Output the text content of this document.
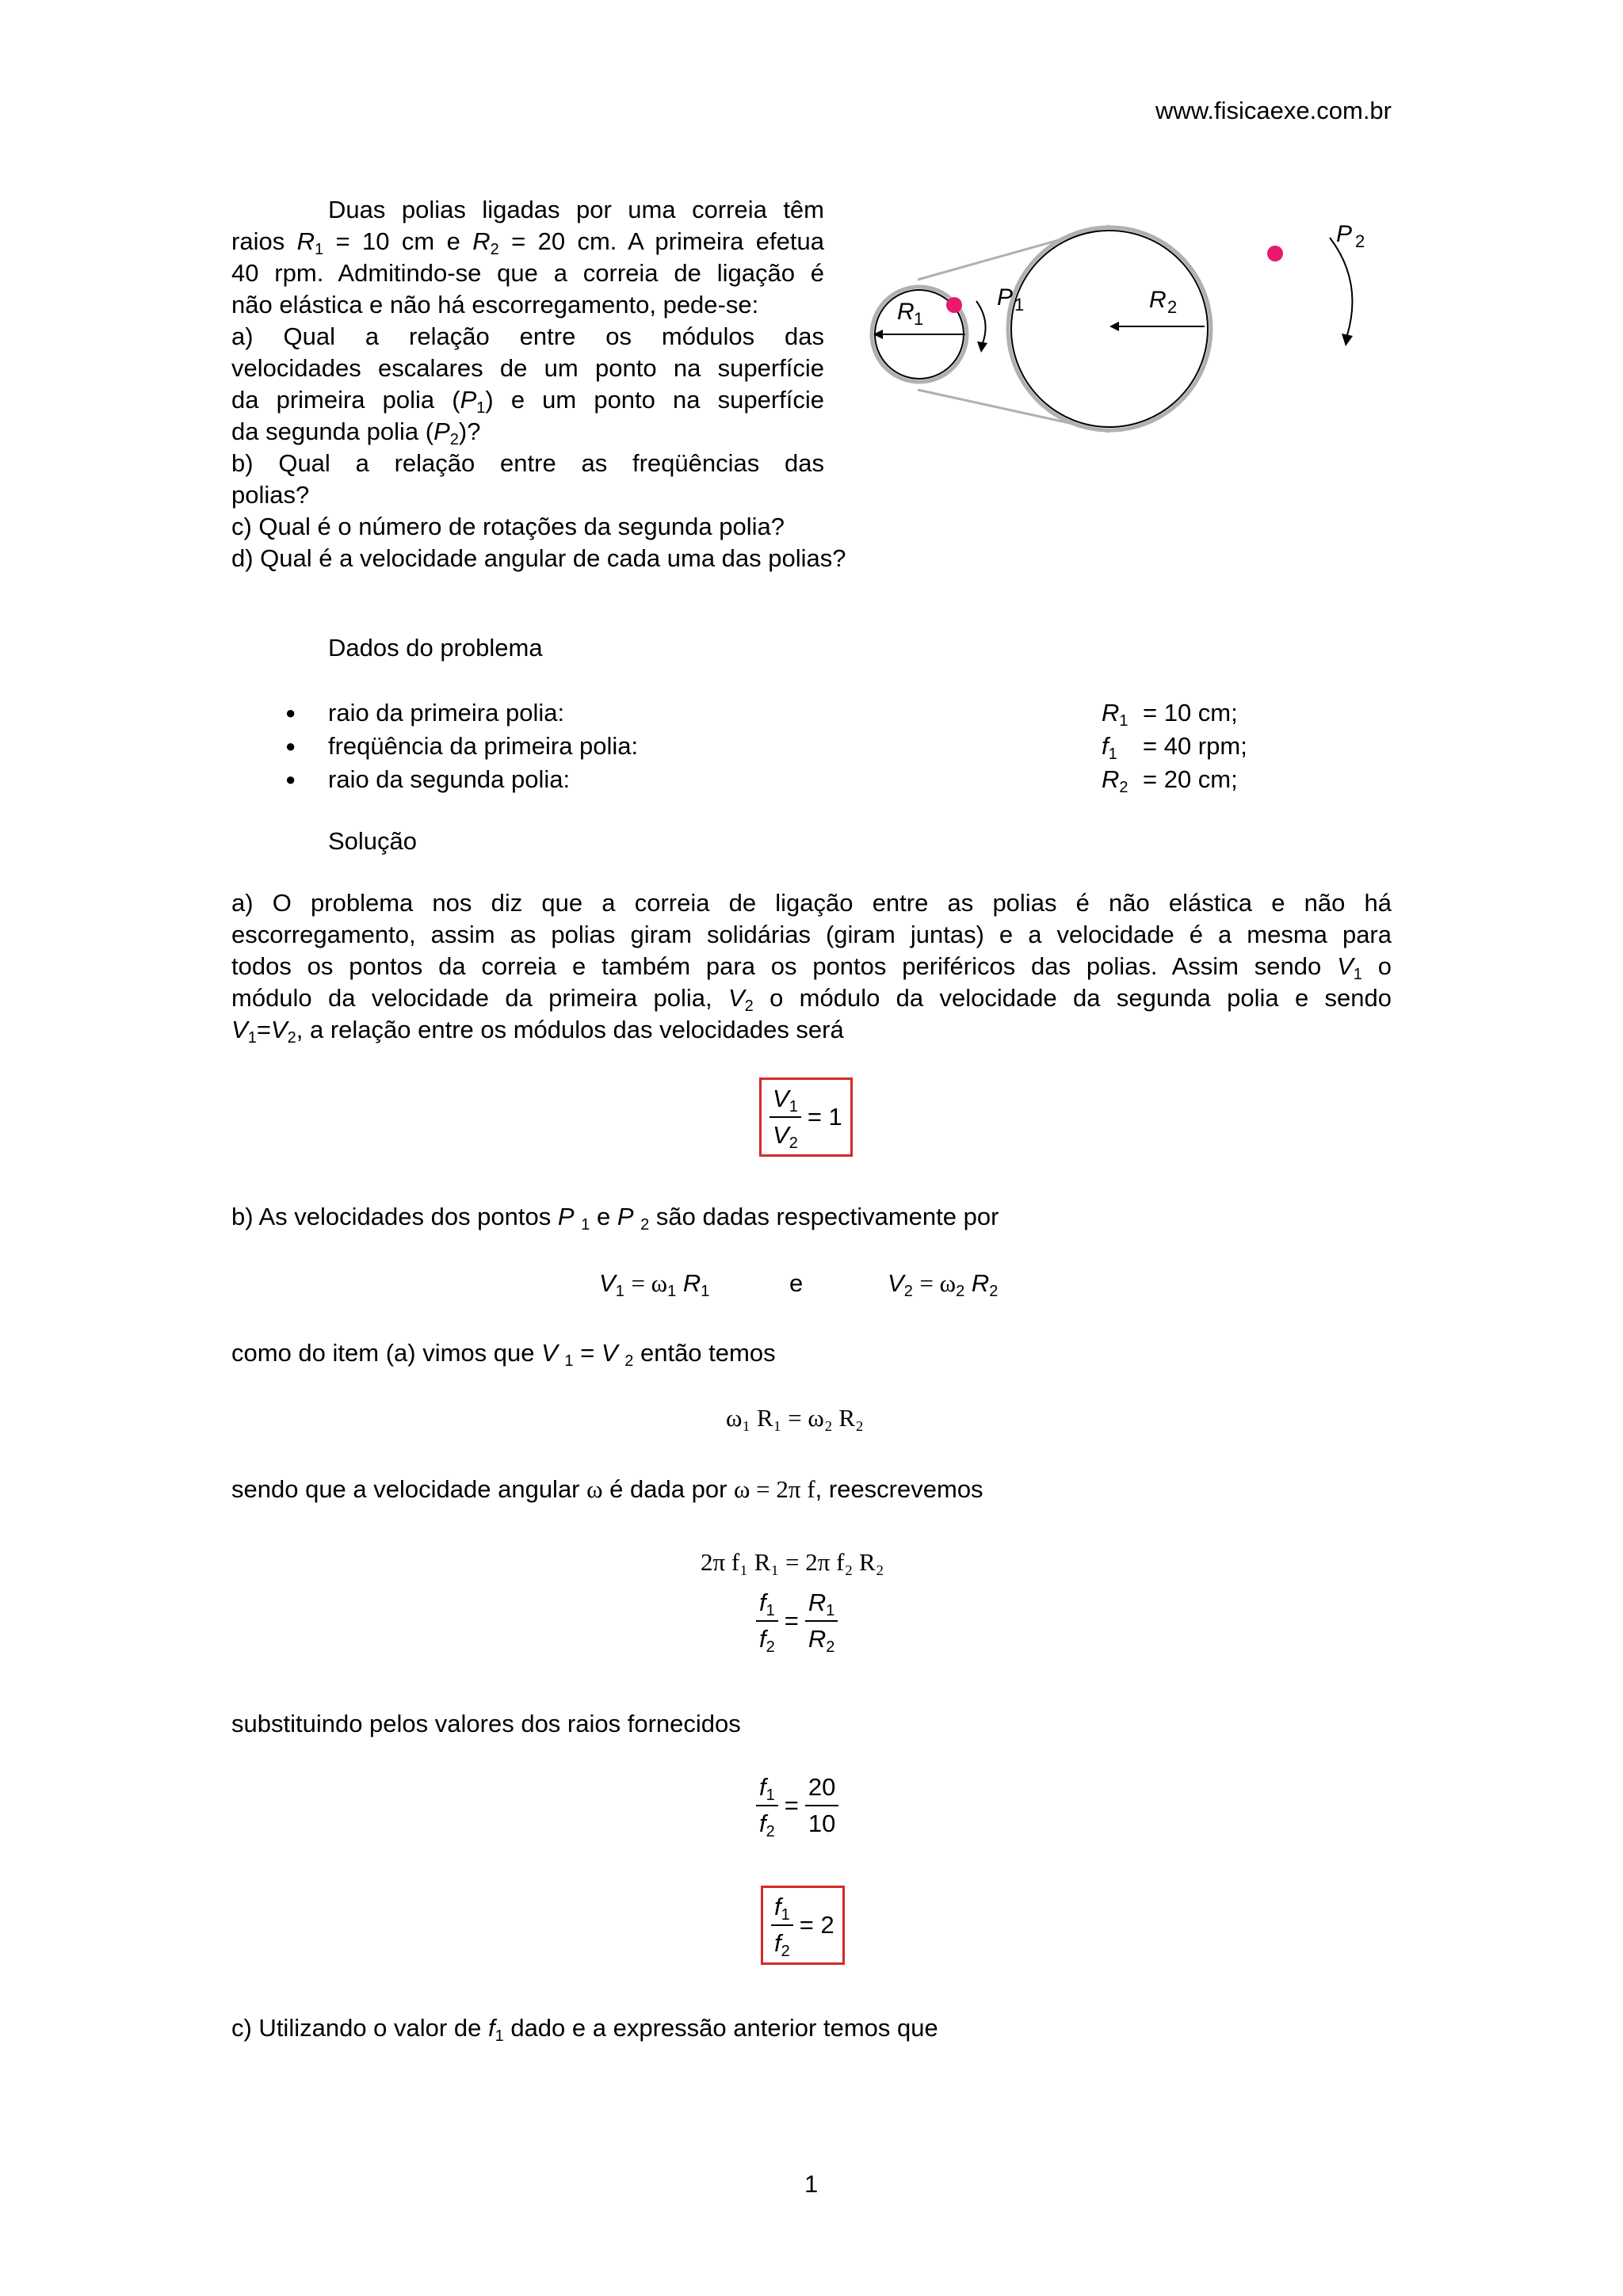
www.fisicaexe.com.br
Duas polias ligadas por uma correia têm
raios $R_1 = 10$ cm e $R_2 = 20$ cm. A primeira efetua
40 rpm. Admitindo-se que a correia de ligação é
não elástica e não há escorregamento, pede-se:
a) Qual a relação entre os módulos das
velocidades escalares de um ponto na superfície
da primeira polia $(P_1)$ e um ponto na superfície
da segunda polia $(P_2)$?
b) Qual a relação entre as freqüências das
polias?
c) Qual é o número de rotações da segunda polia?
d) Qual é a velocidade angular de cada uma das polias?
R 1
P 1	R 2
P 2
Dados do problema
● raio da primeira polia:	$R_1 = 10$ cm;
● freqüência da primeira polia:	$f_1 = 40$ rpm;
● raio da segunda polia:	$R_2 = 20$ cm;
Solução
a) O problema nos diz que a correia de ligação entre as polias é não elástica e não há
escorregamento, assim as polias giram solidárias (giram juntas) e a velocidade é a mesma para
todos os pontos da correia e também para os pontos periféricos das polias. Assim sendo $V_1$ o
módulo da velocidade da primeira polia, $V_2$ o módulo da velocidade da segunda polia e sendo
$V_1=V_2$, a relação entre os módulos das velocidades será
$\frac{V_1}{V_2} = 1$
b) As velocidades dos pontos P $_1$ e P $_2$ são dadas respectivamente por
$V_1 = \omega_1$ $R_1$	e	$V_2 = \omega_2$ $R_2$
como do item (a) vimos que V $_1$ = V $_2$ então temos
ω₁ R₁ = ω₂ R₂
sendo que a velocidade angular ω é dada por ω = 2π f, reescrevemos
2π f₁ R₁ = 2π f₂ R₂
$\frac{f_1}{f_2} = \frac{R_1}{R_2}$
substituindo pelos valores dos raios fornecidos
$\frac{f_1}{f_2} = \frac{20}{10}$
$\frac{f_1}{f_2} = 2$
c) Utilizando o valor de $f_1$ dado e a expressão anterior temos que
1
